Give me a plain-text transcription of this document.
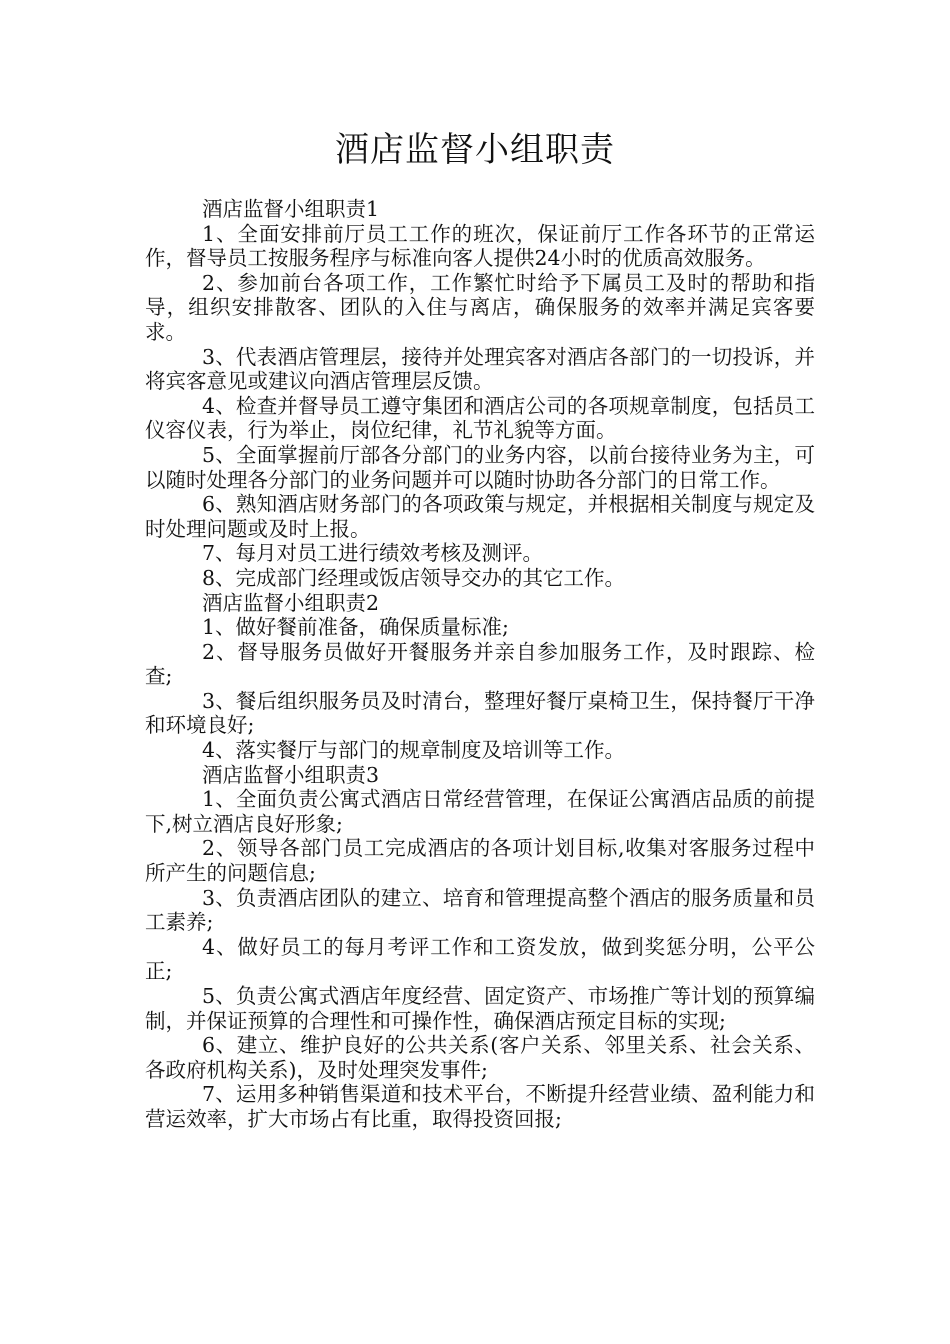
酒店监督小组职责

酒店监督小组职责1

1、全面安排前厅员工工作的班次，保证前厅工作各环节的正常运作，督导员工按服务程序与标准向客人提供24小时的优质高效服务。

2、参加前台各项工作，工作繁忙时给予下属员工及时的帮助和指导，组织安排散客、团队的入住与离店，确保服务的效率并满足宾客要求。

3、代表酒店管理层，接待并处理宾客对酒店各部门的一切投诉，并将宾客意见或建议向酒店管理层反馈。

4、检查并督导员工遵守集团和酒店公司的各项规章制度，包括员工仪容仪表，行为举止，岗位纪律，礼节礼貌等方面。

5、全面掌握前厅部各分部门的业务内容，以前台接待业务为主，可以随时处理各分部门的业务问题并可以随时协助各分部门的日常工作。

6、熟知酒店财务部门的各项政策与规定，并根据相关制度与规定及时处理问题或及时上报。

7、每月对员工进行绩效考核及测评。

8、完成部门经理或饭店领导交办的其它工作。

酒店监督小组职责2

1、做好餐前准备，确保质量标准;

2、督导服务员做好开餐服务并亲自参加服务工作，及时跟踪、检查;

3、餐后组织服务员及时清台，整理好餐厅桌椅卫生，保持餐厅干净和环境良好;

4、落实餐厅与部门的规章制度及培训等工作。

酒店监督小组职责3

1、全面负责公寓式酒店日常经营管理，在保证公寓酒店品质的前提下,树立酒店良好形象;

2、领导各部门员工完成酒店的各项计划目标,收集对客服务过程中所产生的问题信息;

3、负责酒店团队的建立、培育和管理提高整个酒店的服务质量和员工素养;

4、做好员工的每月考评工作和工资发放，做到奖惩分明，公平公正;

5、负责公寓式酒店年度经营、固定资产、市场推广等计划的预算编制，并保证预算的合理性和可操作性，确保酒店预定目标的实现;

6、建立、维护良好的公共关系(客户关系、邻里关系、社会关系、各政府机构关系)，及时处理突发事件;

7、运用多种销售渠道和技术平台，不断提升经营业绩、盈利能力和营运效率，扩大市场占有比重，取得投资回报;
